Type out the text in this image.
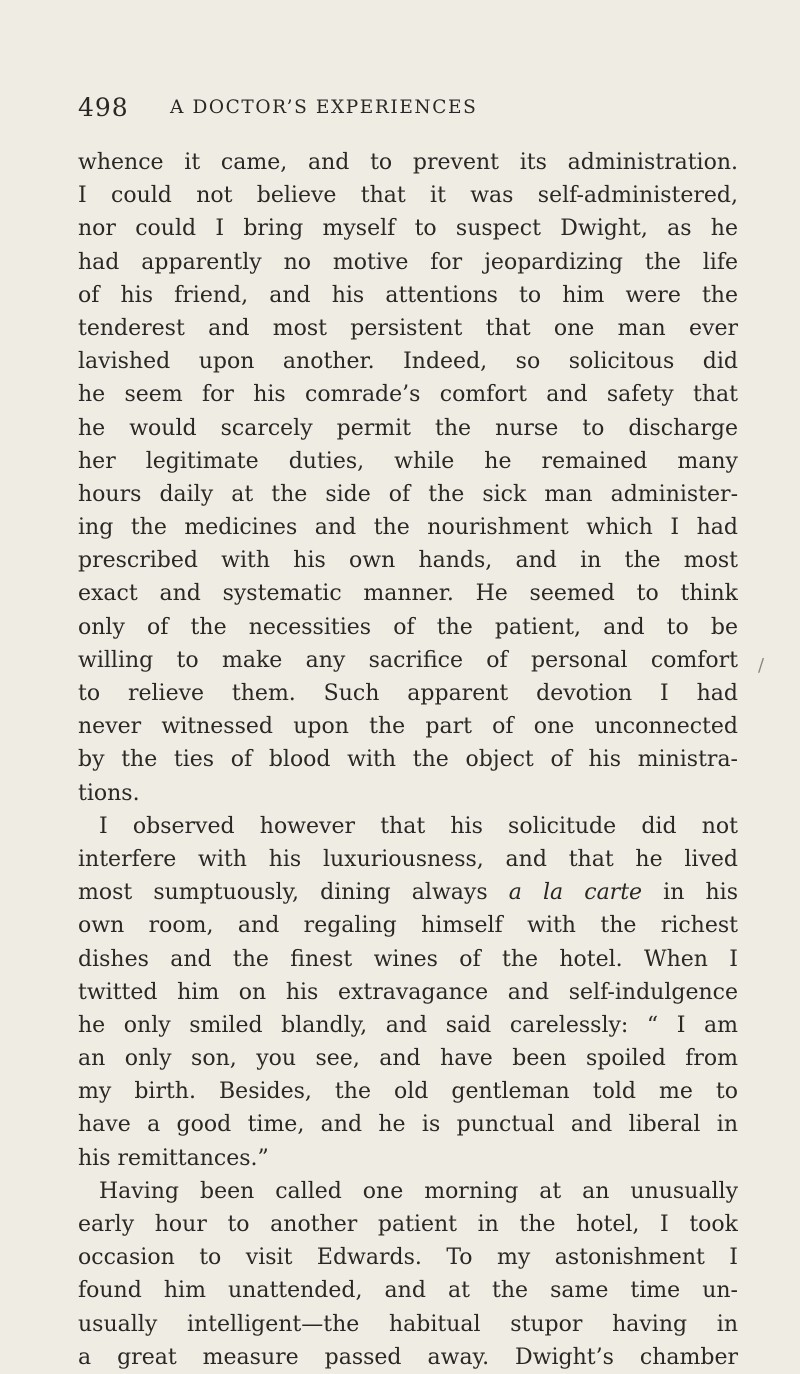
498 A DOCTOR’S EXPERIENCES
whence it came, and to prevent its administration.
I could not believe that it was self-administered,
nor could I bring myself to suspect Dwight, as he
had apparently no motive for jeopardizing the life
of his friend, and his attentions to him were the
tenderest and most persistent that one man ever
lavished upon another. Indeed, so solicitous did
he seem for his comrade’s comfort and safety that
he would scarcely permit the nurse to discharge
her legitimate duties, while he remained many
hours daily at the side of the sick man administer-
ing the medicines and the nourishment which I had
prescribed with his own hands, and in the most
exact and systematic manner. He seemed to think
only of the necessities of the patient, and to be
willing to make any sacrifice of personal comfort
to relieve them. Such apparent devotion I had
never witnessed upon the part of one unconnected
by the ties of blood with the object of his ministra-
tions.
I observed however that his solicitude did not
interfere with his luxuriousness, and that he lived
most sumptuously, dining always a la carte in his
own room, and regaling himself with the richest
dishes and the finest wines of the hotel. When I
twitted him on his extravagance and self-indulgence
he only smiled blandly, and said carelessly: “ I am
an only son, you see, and have been spoiled from
my birth. Besides, the old gentleman told me to
have a good time, and he is punctual and liberal in
his remittances.”
Having been called one morning at an unusually
early hour to another patient in the hotel, I took
occasion to visit Edwards. To my astonishment I
found him unattended, and at the same time un-
usually intelligent—the habitual stupor having in
a great measure passed away. Dwight’s chamber
/
